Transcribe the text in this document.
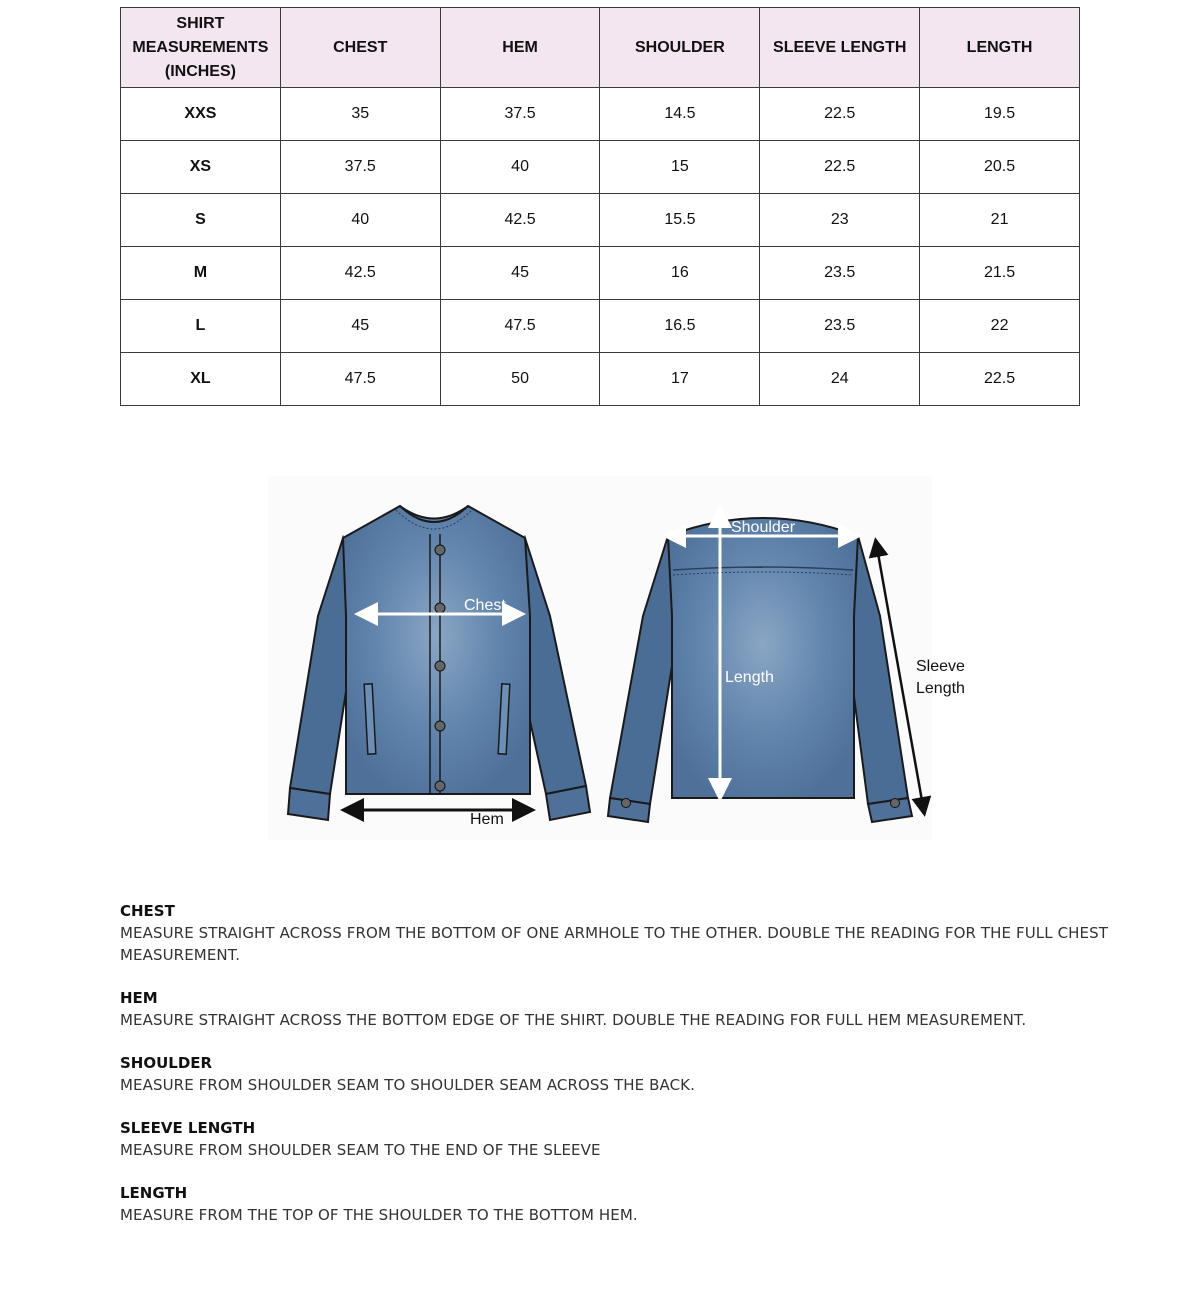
SHIRT
MEASUREMENTS
(INCHES)	CHEST	HEM	SHOULDER	SLEEVE LENGTH	LENGTH
XXS	35	37.5	14.5	22.5	19.5
XS	37.5	40	15	22.5	20.5
S	40	42.5	15.5	23	21
M	42.5	45	16	23.5	21.5
L	45	47.5	16.5	23.5	22
XL	47.5	50	17	24	22.5
Chest
Hem
Shoulder
Length
Sleeve
Length
CHEST
MEASURE STRAIGHT ACROSS FROM THE BOTTOM OF ONE ARMHOLE TO THE OTHER. DOUBLE THE READING FOR THE FULL CHEST MEASUREMENT.
HEM
MEASURE STRAIGHT ACROSS THE BOTTOM EDGE OF THE SHIRT. DOUBLE THE READING FOR FULL HEM MEASUREMENT.
SHOULDER
MEASURE FROM SHOULDER SEAM TO SHOULDER SEAM ACROSS THE BACK.
SLEEVE LENGTH
MEASURE FROM SHOULDER SEAM TO THE END OF THE SLEEVE
LENGTH
MEASURE FROM THE TOP OF THE SHOULDER TO THE BOTTOM HEM.
